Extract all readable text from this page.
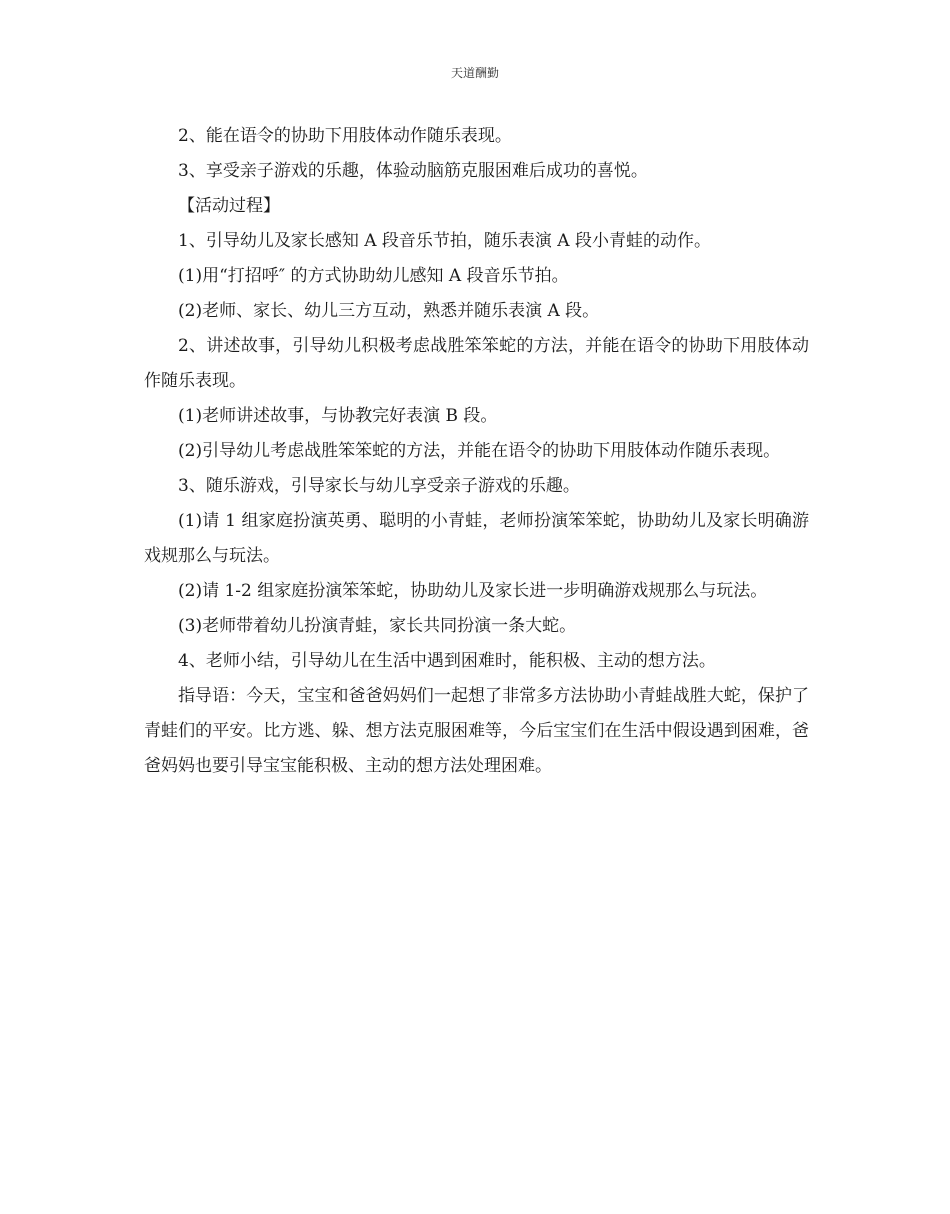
天道酬勤

2、能在语令的协助下用肢体动作随乐表现。

3、享受亲子游戏的乐趣，体验动脑筋克服困难后成功的喜悦。

【活动过程】

1、引导幼儿及家长感知 A 段音乐节拍，随乐表演 A 段小青蛙的动作。

(1)用“打招呼″ 的方式协助幼儿感知 A 段音乐节拍。

(2)老师、家长、幼儿三方互动，熟悉并随乐表演 A 段。

2、讲述故事，引导幼儿积极考虑战胜笨笨蛇的方法，并能在语令的协助下用肢体动作随乐表现。

(1)老师讲述故事，与协教完好表演 B 段。

(2)引导幼儿考虑战胜笨笨蛇的方法，并能在语令的协助下用肢体动作随乐表现。

3、随乐游戏，引导家长与幼儿享受亲子游戏的乐趣。

(1)请 1 组家庭扮演英勇、聪明的小青蛙，老师扮演笨笨蛇，协助幼儿及家长明确游戏规那么与玩法。

(2)请 1-2 组家庭扮演笨笨蛇，协助幼儿及家长进一步明确游戏规那么与玩法。

(3)老师带着幼儿扮演青蛙，家长共同扮演一条大蛇。

4、老师小结，引导幼儿在生活中遇到困难时，能积极、主动的想方法。

指导语：今天，宝宝和爸爸妈妈们一起想了非常多方法协助小青蛙战胜大蛇，保护了青蛙们的平安。比方逃、躲、想方法克服困难等，今后宝宝们在生活中假设遇到困难，爸爸妈妈也要引导宝宝能积极、主动的想方法处理困难。
